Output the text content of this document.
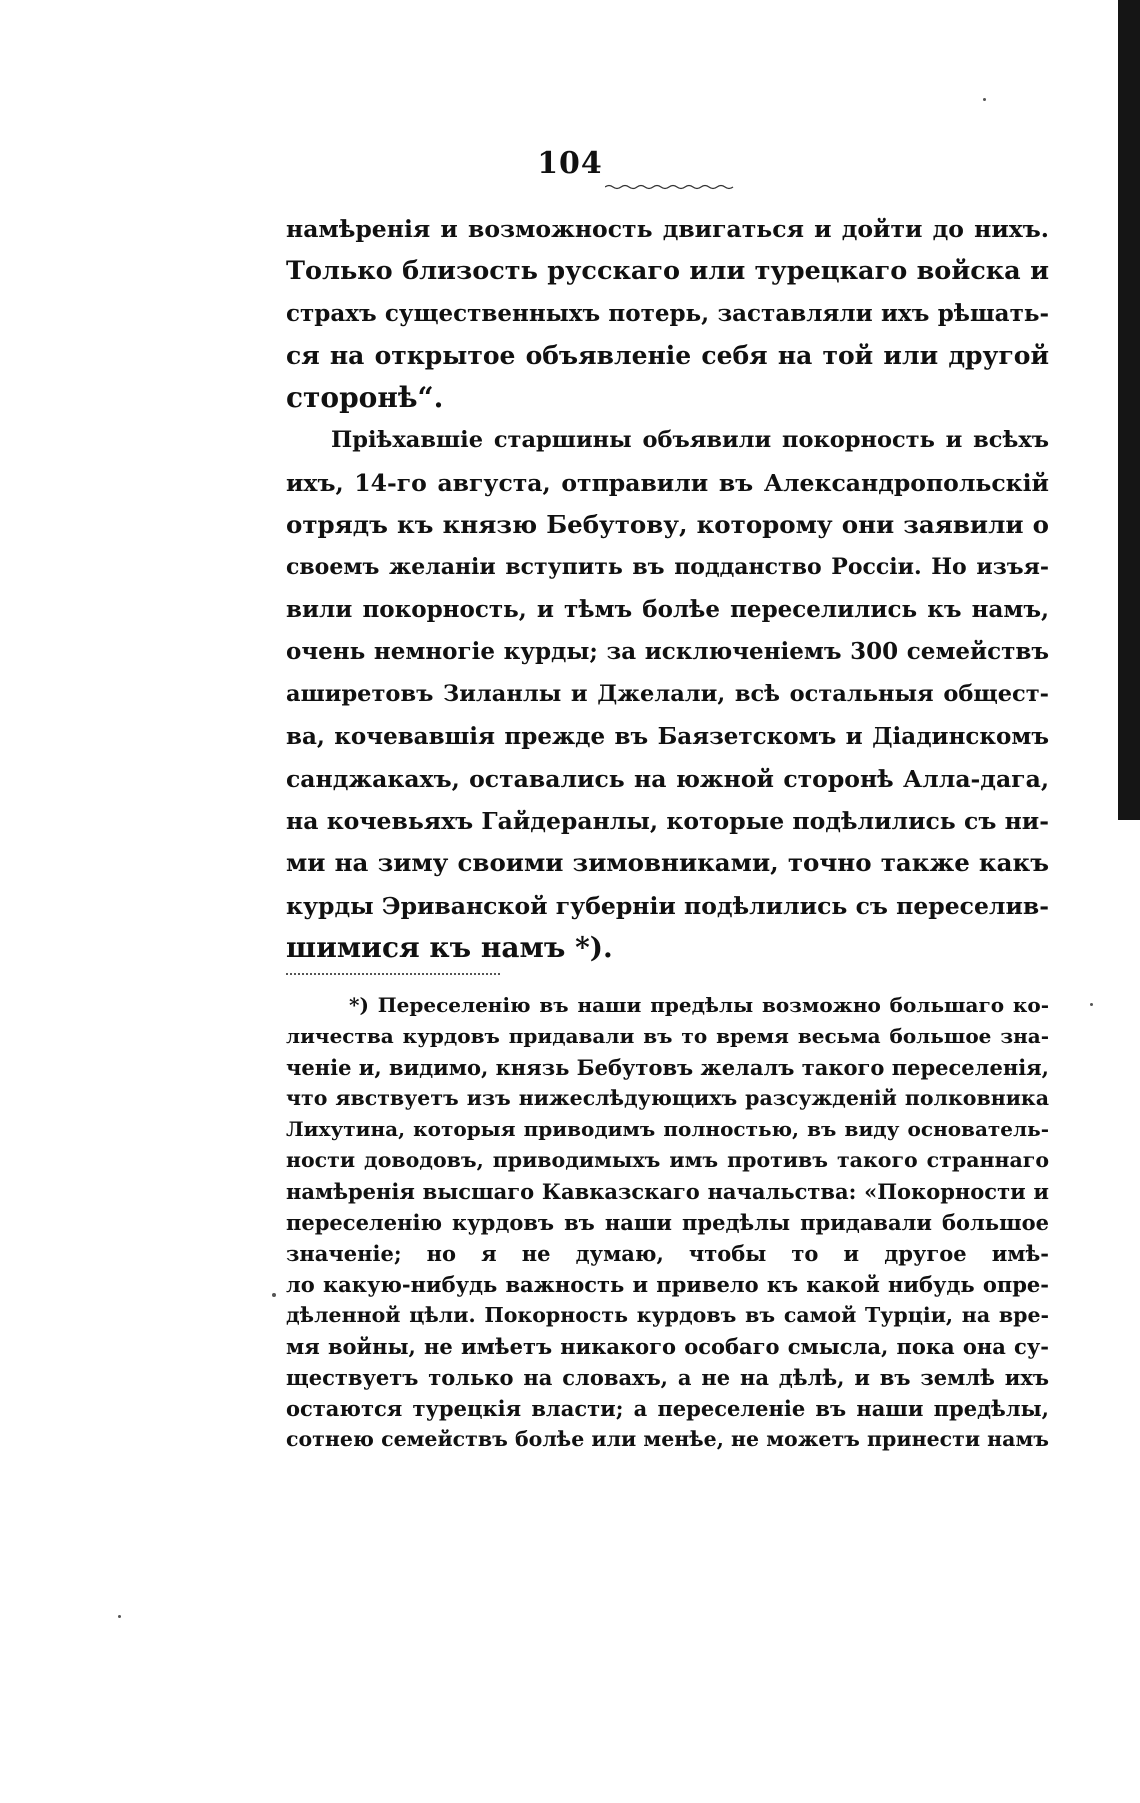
104
намѣренія и возможность двигаться и дойти до нихъ.
Только близость русскаго или турецкаго войска и
страхъ существенныхъ потерь, заставляли ихъ рѣшать-
ся на открытое объявленіе себя на той или другой
сторонѣ“.
Пріѣхавшіе старшины объявили покорность и всѣхъ
ихъ, 14-го августа, отправили въ Александропольскій
отрядъ къ князю Бебутову, которому они заявили о
своемъ желаніи вступить въ подданство Россіи. Но изъя-
вили покорность, и тѣмъ болѣе переселились къ намъ,
очень немногіе курды; за исключеніемъ 300 семействъ
аширетовъ Зиланлы и Джелали, всѣ остальныя общест-
ва, кочевавшія прежде въ Баязетскомъ и Діадинскомъ
санджакахъ, оставались на южной сторонѣ Алла-дага,
на кочевьяхъ Гайдеранлы, которые подѣлились съ ни-
ми на зиму своими зимовниками, точно также какъ
курды Эриванской губерніи подѣлились съ переселив-
шимися къ намъ *).
*) Переселенію въ наши предѣлы возможно большаго ко-
личества курдовъ придавали въ то время весьма большое зна-
ченіе и, видимо, князь Бебутовъ желалъ такого переселенія,
что явствуетъ изъ нижеслѣдующихъ разсужденій полковника
Лихутина, которыя приводимъ полностью, въ виду основатель-
ности доводовъ, приводимыхъ имъ противъ такого страннаго
намѣренія высшаго Кавказскаго начальства: «Покорности и
переселенію курдовъ въ наши предѣлы придавали большое
значеніе; но я не думаю, чтобы то и другое имѣ-
ло какую-нибудь важность и привело къ какой нибудь опре-
дѣленной цѣли. Покорность курдовъ въ самой Турціи, на вре-
мя войны, не имѣетъ никакого особаго смысла, пока она су-
ществуетъ только на словахъ, а не на дѣлѣ, и въ землѣ ихъ
остаются турецкія власти; а переселеніе въ наши предѣлы,
сотнею семействъ болѣе или менѣе, не можетъ принести намъ
